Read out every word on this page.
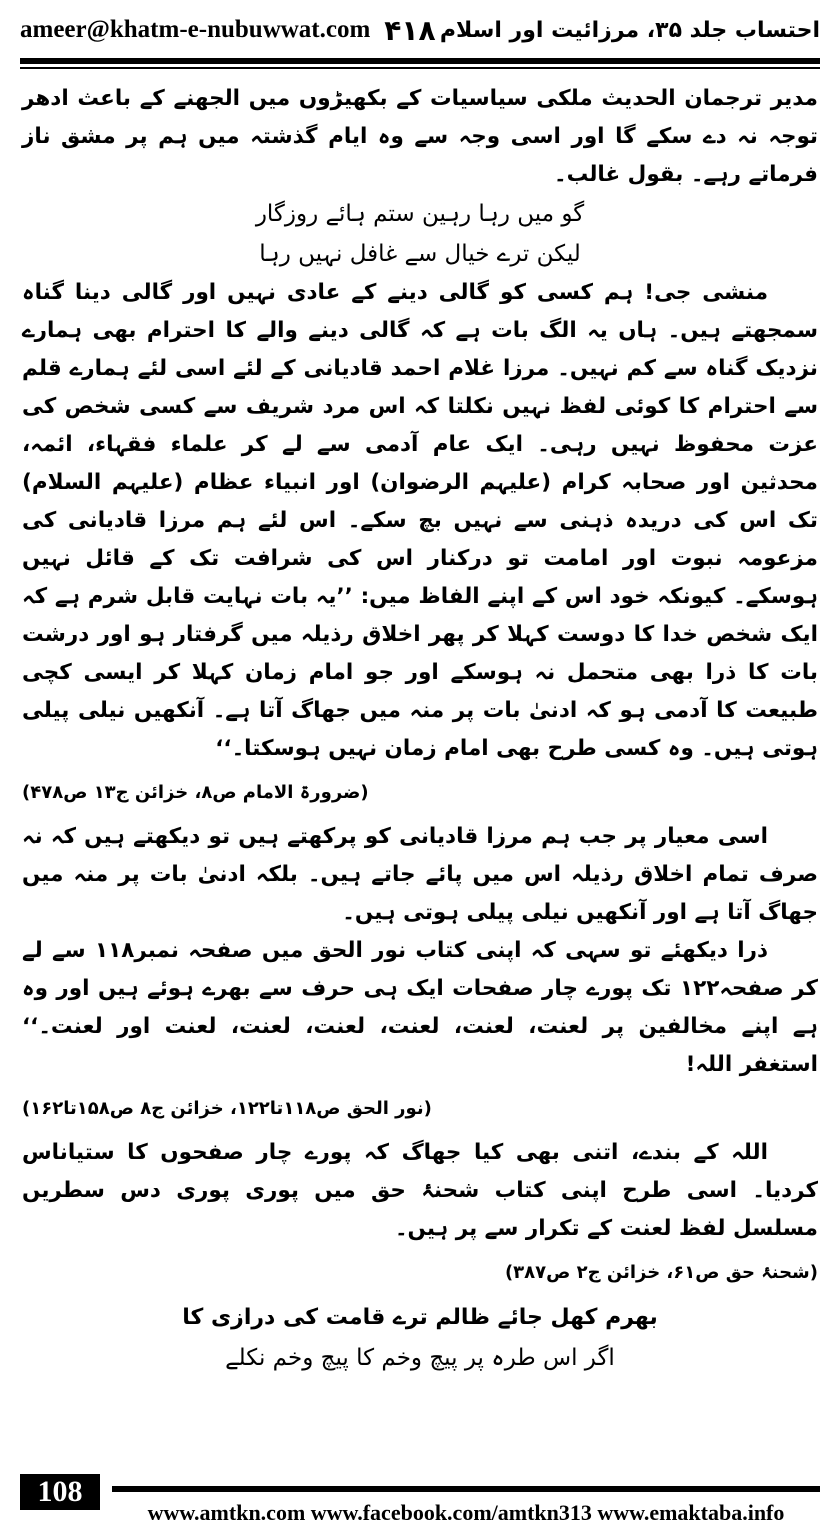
ameer@khatm-e-nubuwwat.com ۴۱۸ احتساب جلد ۳۵، مرزائیت اور اسلام

مدیر ترجمان الحدیث ملکی سیاسیات کے بکھیڑوں میں الجھنے کے باعث ادھر توجہ نہ دے سکے گا اور اسی وجہ سے وہ ایام گذشتہ میں ہم پر مشق ناز فرماتے رہے۔ بقول غالب۔

گو میں رہا رہین ستم ہائے روزگار

لیکن ترے خیال سے غافل نہیں رہا

منشی جی! ہم کسی کو گالی دینے کے عادی نہیں اور گالی دینا گناہ سمجھتے ہیں۔ ہاں یہ الگ بات ہے کہ گالی دینے والے کا احترام بھی ہمارے نزدیک گناہ سے کم نہیں۔ مرزا غلام احمد قادیانی کے لئے اسی لئے ہمارے قلم سے احترام کا کوئی لفظ نہیں نکلتا کہ اس مرد شریف سے کسی شخص کی عزت محفوظ نہیں رہی۔ ایک عام آدمی سے لے کر علماء فقہاء، ائمہ، محدثین اور صحابہ کرام (علیہم الرضوان) اور انبیاء عظام (علیہم السلام) تک اس کی دریدہ ذہنی سے نہیں بچ سکے۔ اس لئے ہم مرزا قادیانی کی مزعومہ نبوت اور امامت تو درکنار اس کی شرافت تک کے قائل نہیں ہوسکے۔ کیونکہ خود اس کے اپنے الفاظ میں: ’’یہ بات نہایت قابل شرم ہے کہ ایک شخص خدا کا دوست کہلا کر پھر اخلاق رذیلہ میں گرفتار ہو اور درشت بات کا ذرا بھی متحمل نہ ہوسکے اور جو امام زمان کہلا کر ایسی کچی طبیعت کا آدمی ہو کہ ادنیٰ بات پر منہ میں جھاگ آتا ہے۔ آنکھیں نیلی پیلی ہوتی ہیں۔ وہ کسی طرح بھی امام زمان نہیں ہوسکتا۔‘‘

(ضرورۃ الامام ص۸، خزائن ج۱۳ ص۴۷۸)

اسی معیار پر جب ہم مرزا قادیانی کو پرکھتے ہیں تو دیکھتے ہیں کہ نہ صرف تمام اخلاق رذیلہ اس میں پائے جاتے ہیں۔ بلکہ ادنیٰ بات پر منہ میں جھاگ آتا ہے اور آنکھیں نیلی پیلی ہوتی ہیں۔

ذرا دیکھئے تو سہی کہ اپنی کتاب نور الحق میں صفحہ نمبر۱۱۸ سے لے کر صفحہ۱۲۲ تک پورے چار صفحات ایک ہی حرف سے بھرے ہوئے ہیں اور وہ ہے اپنے مخالفین پر لعنت، لعنت، لعنت، لعنت، لعنت، لعنت اور لعنت۔‘‘ استغفر اللہ!

(نور الحق ص۱۱۸تا۱۲۲، خزائن ج۸ ص۱۵۸تا۱۶۲)

اللہ کے بندے، اتنی بھی کیا جھاگ کہ پورے چار صفحوں کا ستیاناس کردیا۔ اسی طرح اپنی کتاب شحنۂ حق میں پوری پوری دس سطریں مسلسل لفظ لعنت کے تکرار سے پر ہیں۔

(شحنۂ حق ص۶۱، خزائن ج۲ ص۳۸۷)

بھرم کھل جائے ظالم ترے قامت کی درازی کا

اگر اس طرہ پر پیچ وخم کا پیچ وخم نکلے

108
www.amtkn.com www.facebook.com/amtkn313 www.emaktaba.info
